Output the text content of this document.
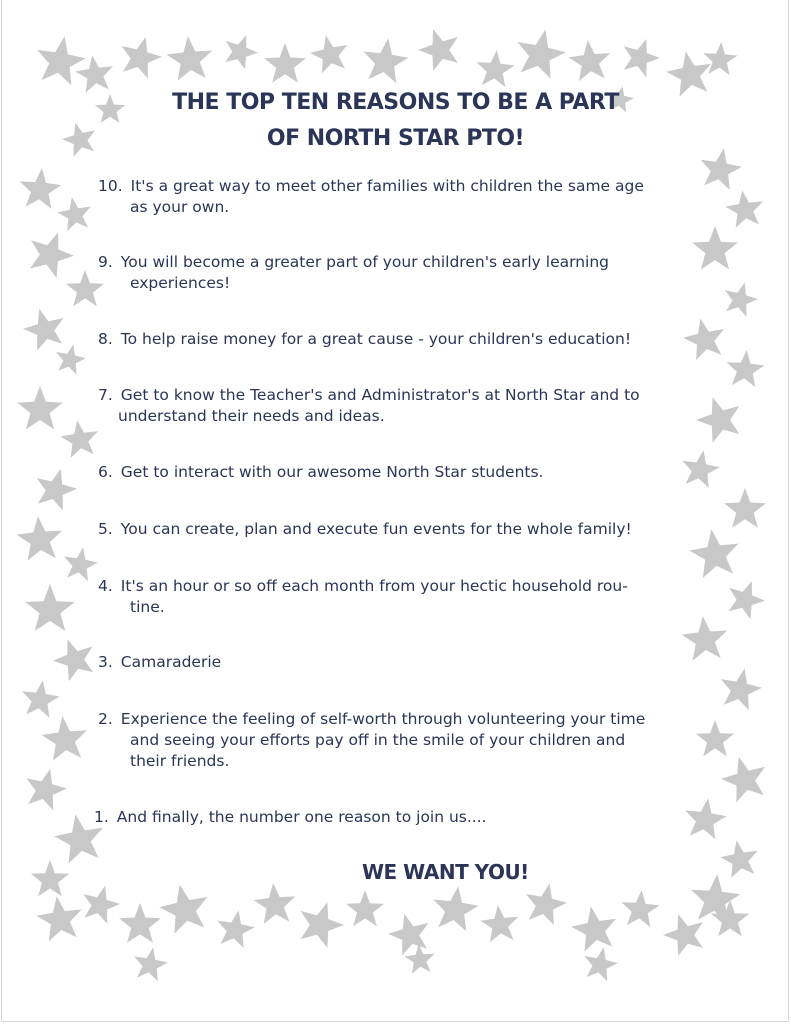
THE TOP TEN REASONS TO BE A PART
OF NORTH STAR PTO!
10. It's a great way to meet other families with children the same age
as your own.
9. You will become a greater part of your children's early learning
experiences!
8. To help raise money for a great cause - your children's education!
7. Get to know the Teacher's and Administrator's at North Star and to
understand their needs and ideas.
6. Get to interact with our awesome North Star students.
5. You can create, plan and execute fun events for the whole family!
4. It's an hour or so off each month from your hectic household rou-
tine.
3. Camaraderie
2. Experience the feeling of self-worth through volunteering your time
and seeing your efforts pay off in the smile of your children and
their friends.
1. And finally, the number one reason to join us....
WE WANT YOU!
